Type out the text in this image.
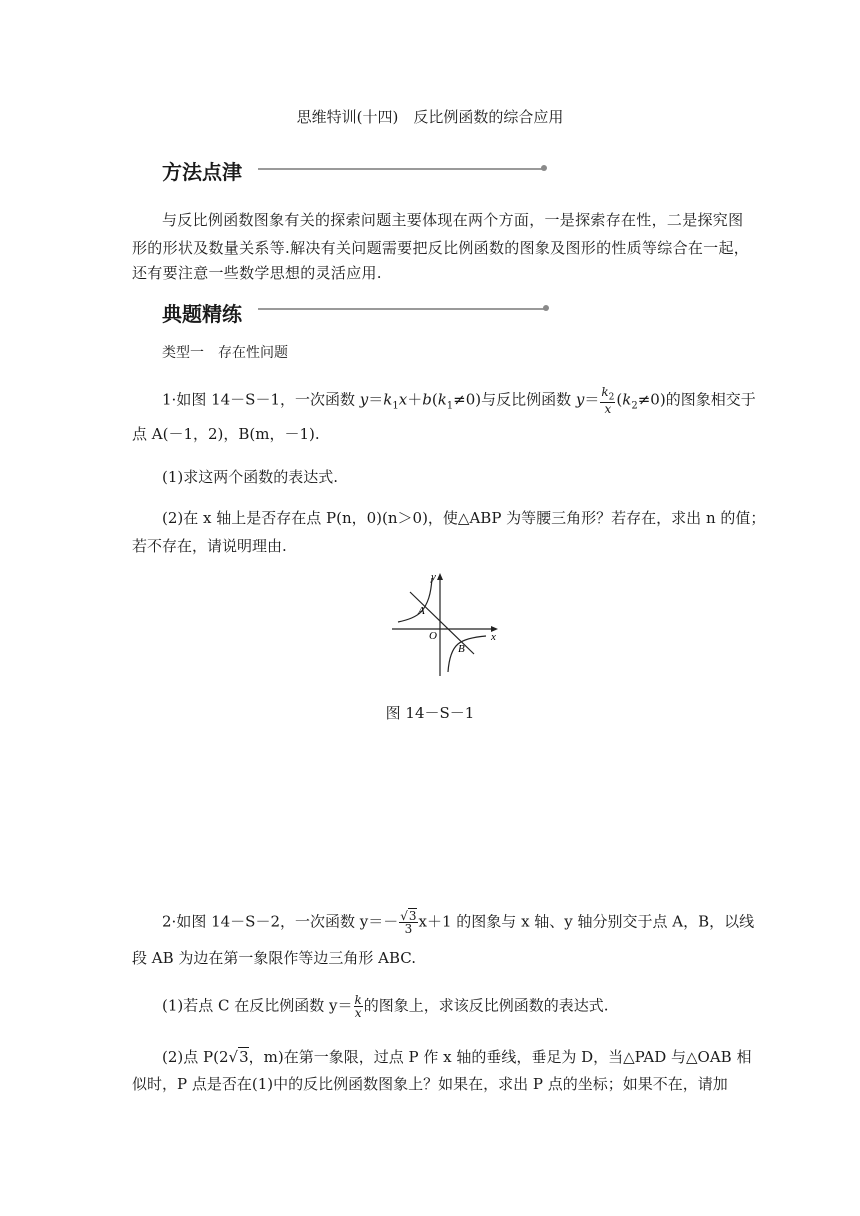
思维特训(十四)　反比例函数的综合应用
方法点津
与反比例函数图象有关的探索问题主要体现在两个方面，一是探索存在性，二是探究图
形的形状及数量关系等.解决有关问题需要把反比例函数的图象及图形的性质等综合在一起，
还有要注意一些数学思想的灵活应用.
典题精练
类型一　存在性问题
1·如图 14－S－1，一次函数 $y=k_1x+b(k_1\ne 0)$与反比例函数 $y= \frac{k_2}{x} (k_2\ne 0)$的图象相交于
点 A(－1，2)，B(m，－1).
(1)求这两个函数的表达式.
(2)在 x 轴上是否存在点 P(n，0)(n＞0)，使△ABP 为等腰三角形？若存在，求出 n 的值；
若不存在，请说明理由.
y
x
O
A
B
图 14－S－1
2·如图 14－S－2，一次函数 $y=- \frac{√3}{3} x+1$ 的图象与 x 轴、y 轴分别交于点 A，B，以线
段 AB 为边在第一象限作等边三角形 ABC.
(1)若点 C 在反比例函数 $y= \frac{k}{x}$ 的图象上，求该反比例函数的表达式.
(2)点 P(2√3，m)在第一象限，过点 P 作 x 轴的垂线，垂足为 D，当△PAD 与△OAB 相
似时，P 点是否在(1)中的反比例函数图象上？如果在，求出 P 点的坐标；如果不在，请加
